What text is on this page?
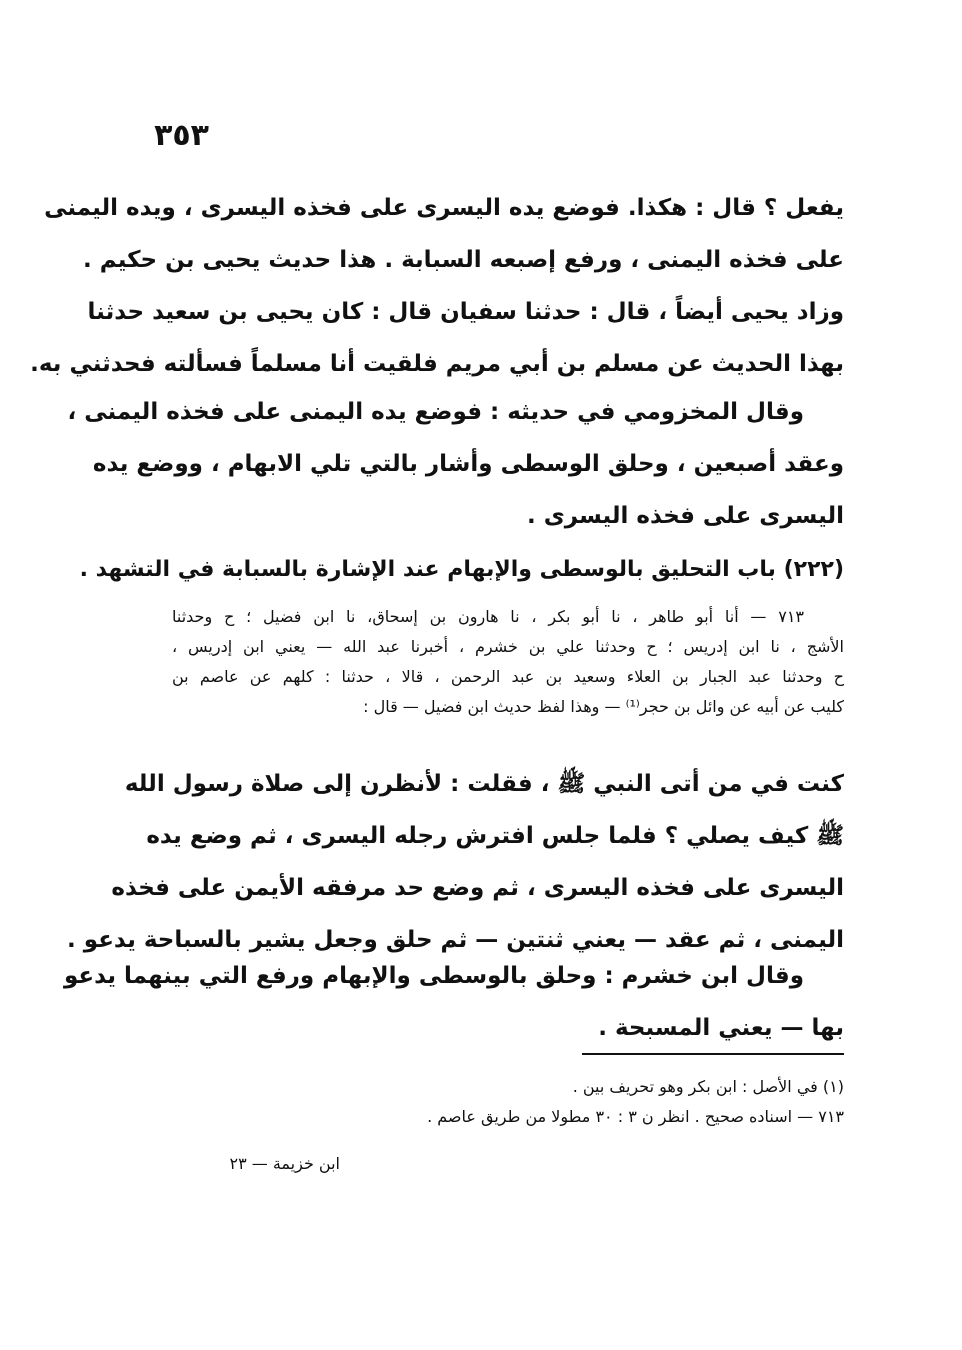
٣٥٣
يفعل ؟ قال : هكذا. فوضع يده اليسرى على فخذه اليسرى ، ويده اليمنى
على فخذه اليمنى ، ورفع إصبعه السبابة . هذا حديث يحيى بن حكيم .
وزاد يحيى أيضاً ، قال : حدثنا سفيان قال : كان يحيى بن سعيد حدثنا
بهذا الحديث عن مسلم بن أبي مريم فلقيت أنا مسلماً فسألته فحدثني به.
وقال المخزومي في حديثه : فوضع يده اليمنى على فخذه اليمنى ،
وعقد أصبعين ، وحلق الوسطى وأشار بالتي تلي الابهام ، ووضع يده
اليسرى على فخذه اليسرى .
(٢٢٢) باب التحليق بالوسطى والإبهام عند الإشارة بالسبابة في التشهد .
٧١٣ — أنا أبو طاهر ، نا أبو بكر ، نا هارون بن إسحاق، نا ابن فضيل ؛ ح وحدثنا
الأشج ، نا ابن إدريس ؛ ح وحدثنا علي بن خشرم ، أخبرنا عبد الله — يعني ابن إدريس ،
ح وحدثنا عبد الجبار بن العلاء وسعيد بن عبد الرحمن ، قالا ، حدثنا : كلهم عن عاصم بن
كليب عن أبيه عن وائل بن حجر⁽¹⁾ — وهذا لفظ حديث ابن فضيل — قال :
كنت في من أتى النبي ﷺ ، فقلت : لأنظرن إلى صلاة رسول الله
ﷺ كيف يصلي ؟ فلما جلس افترش رجله اليسرى ، ثم وضع يده
اليسرى على فخذه اليسرى ، ثم وضع حد مرفقه الأيمن على فخذه
اليمنى ، ثم عقد — يعني ثنتين — ثم حلق وجعل يشير بالسباحة يدعو .
وقال ابن خشرم : وحلق بالوسطى والإبهام ورفع التي بينهما يدعو
بها — يعني المسبحة .
(١) في الأصل : ابن بكر وهو تحريف بين .
٧١٣ — اسناده صحيح . انظر ن ٣ : ٣٠ مطولا من طريق عاصم .
ابن خزيمة — ٢٣
